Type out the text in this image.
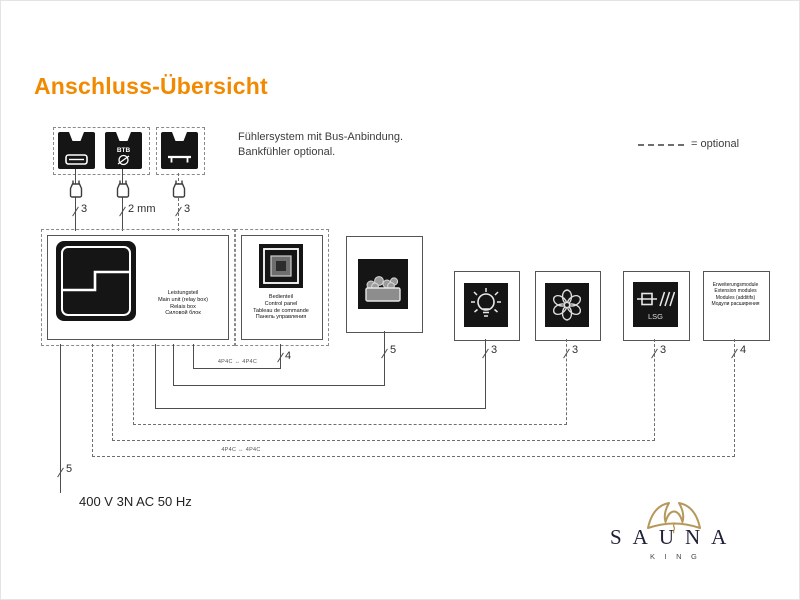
Anschluss-Übersicht
BTB
Fühlersystem mit Bus-Anbindung.
Bankfühler optional.
= optional
3	2 mm	3
Leistungsteil
Main unit (relay box)
Relais box
Силовой блок
Bedienteil
Control panel
Tableau de commande
Панель управления	LSG
Erweiterungsmodule
Extension modules
Modules (additifs)
Модули расширения
4P4C ↔ 4P4C
4P4C ↔ 4P4C
4	5	3	3	3	4
5
400 V 3N AC 50 Hz
SAUNA
KING
